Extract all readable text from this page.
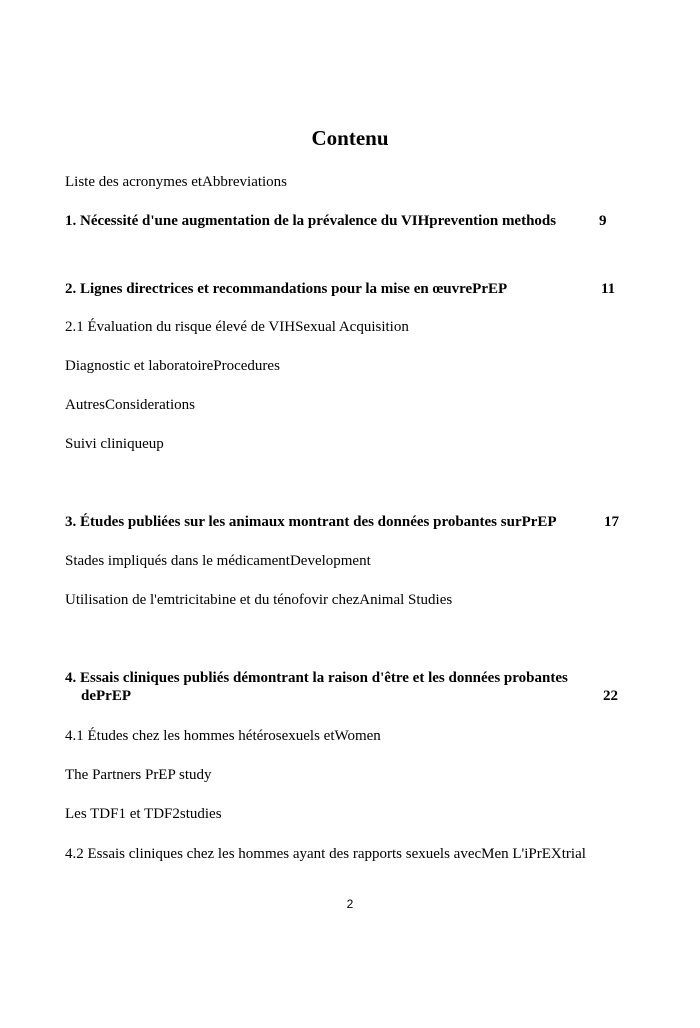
Contenu
Liste des acronymes etAbbreviations
1. Nécessité d'une augmentation de la prévalence du VIHprevention methods	9
2. Lignes directrices et recommandations pour la mise en œuvrePrEP	11
2.1 Évaluation du risque élevé de VIHSexual Acquisition
Diagnostic et laboratoireProcedures
AutresConsiderations
Suivi cliniqueup
3. Études publiées sur les animaux montrant des données probantes surPrEP	17
Stades impliqués dans le médicamentDevelopment
Utilisation de l'emtricitabine et du ténofovir chezAnimal Studies
4. Essais cliniques publiés démontrant la raison d'être et les données probantes
dePrEP	22
4.1 Études chez les hommes hétérosexuels etWomen
The Partners PrEP study
Les TDF1 et TDF2studies
4.2 Essais cliniques chez les hommes ayant des rapports sexuels avecMen L'iPrEXtrial
2
